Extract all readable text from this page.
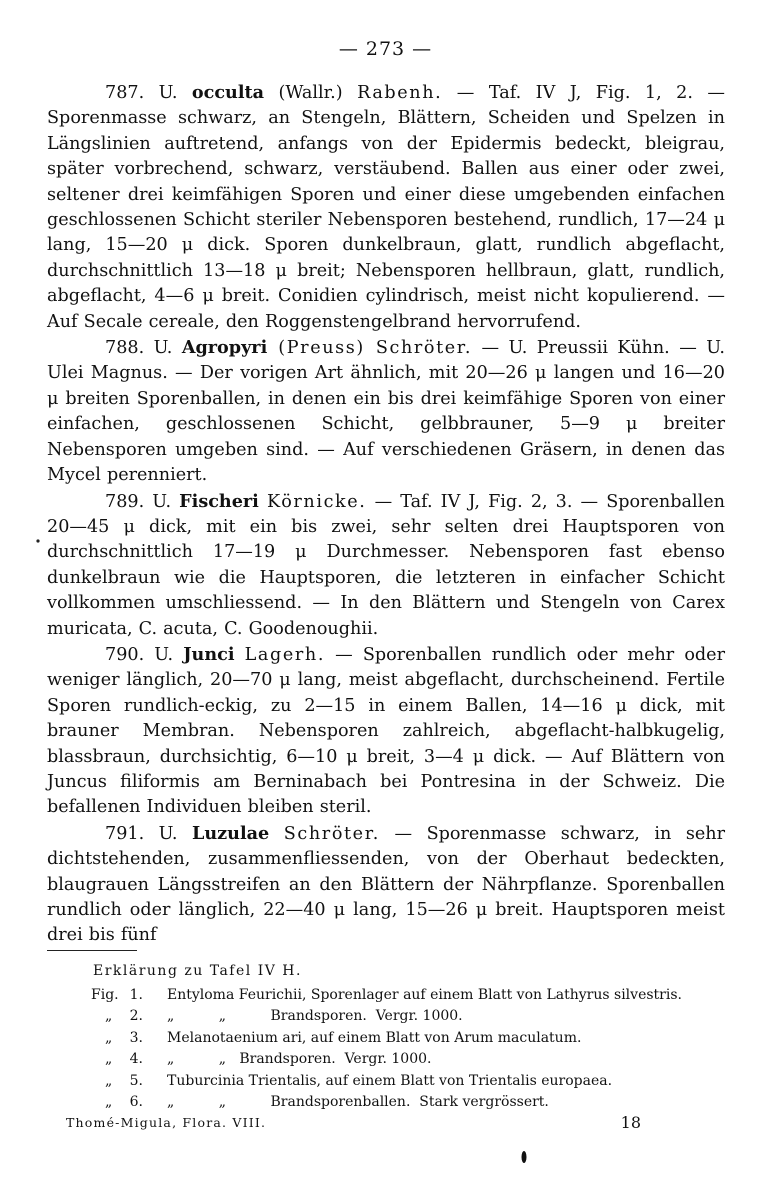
— 273 —

787. U. occulta (Wallr.) Rabenh. — Taf. IV J, Fig. 1, 2. — Sporenmasse schwarz, an Stengeln, Blättern, Scheiden und Spelzen in Längslinien auftretend, anfangs von der Epidermis bedeckt, bleigrau, später vorbrechend, schwarz, verstäubend. Ballen aus einer oder zwei, seltener drei keimfähigen Sporen und einer diese umgebenden einfachen geschlossenen Schicht steriler Nebensporen bestehend, rundlich, 17—24 μ lang, 15—20 μ dick. Sporen dunkelbraun, glatt, rundlich abgeflacht, durchschnittlich 13—18 μ breit; Nebensporen hellbraun, glatt, rundlich, abgeflacht, 4—6 μ breit. Conidien cylindrisch, meist nicht kopulierend. — Auf Secale cereale, den Roggenstengelbrand hervorrufend.

788. U. Agropyri (Preuss) Schröter. — U. Preussii Kühn. — U. Ulei Magnus. — Der vorigen Art ähnlich, mit 20—26 μ langen und 16—20 μ breiten Sporenballen, in denen ein bis drei keimfähige Sporen von einer einfachen, geschlossenen Schicht, gelbbrauner, 5—9 μ breiter Nebensporen umgeben sind. — Auf verschiedenen Gräsern, in denen das Mycel perenniert.

789. U. Fischeri Körnicke. — Taf. IV J, Fig. 2, 3. — Sporenballen 20—45 μ dick, mit ein bis zwei, sehr selten drei Hauptsporen von durchschnittlich 17—19 μ Durchmesser. Nebensporen fast ebenso dunkelbraun wie die Hauptsporen, die letzteren in einfacher Schicht vollkommen umschliessend. — In den Blättern und Stengeln von Carex muricata, C. acuta, C. Goodenoughii.

790. U. Junci Lagerh. — Sporenballen rundlich oder mehr oder weniger länglich, 20—70 μ lang, meist abgeflacht, durchscheinend. Fertile Sporen rundlich-eckig, zu 2—15 in einem Ballen, 14—16 μ dick, mit brauner Membran. Nebensporen zahlreich, abgeflacht-halbkugelig, blassbraun, durchsichtig, 6—10 μ breit, 3—4 μ dick. — Auf Blättern von Juncus filiformis am Berninabach bei Pontresina in der Schweiz. Die befallenen Individuen bleiben steril.

791. U. Luzulae Schröter. — Sporenmasse schwarz, in sehr dichtstehenden, zusammenfliessenden, von der Oberhaut bedeckten, blaugrauen Längsstreifen an den Blättern der Nährpflanze. Sporenballen rundlich oder länglich, 22—40 μ lang, 15—26 μ breit. Hauptsporen meist drei bis fünf

Erklärung zu Tafel IV H.
Fig. 1. Entyloma Feurichii, Sporenlager auf einem Blatt von Lathyrus silvestris.
„	2. „          „          Brandsporen.  Vergr. 1000.
„	3. Melanotaenium ari, auf einem Blatt von Arum maculatum.
„	4. „          „   Brandsporen.  Vergr. 1000.
„	5. Tuburcinia Trientalis, auf einem Blatt von Trientalis europaea.
„	6. „          „          Brandsporenballen.  Stark vergrössert.
Thomé-Migula, Flora. VIII.	18
